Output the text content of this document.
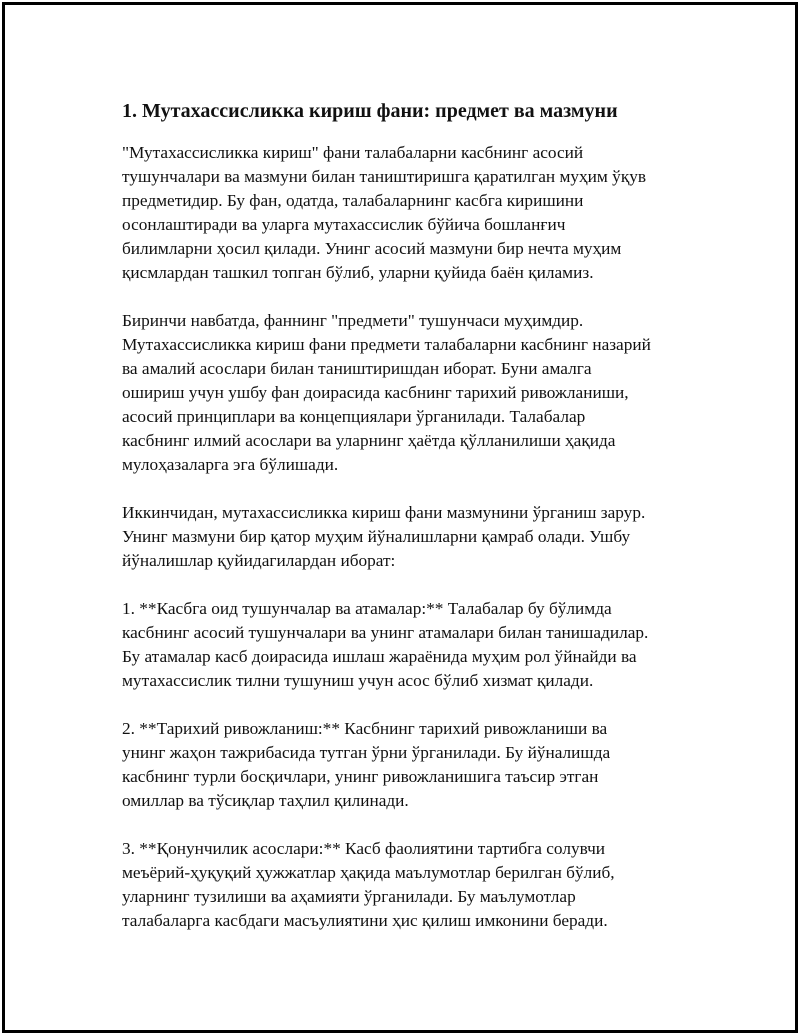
1. Мутахассисликка кириш фани: предмет ва мазмуни
"Мутахассисликка кириш" фани талабаларни касбнинг асосий
тушунчалари ва мазмуни билан таништиришга қаратилган муҳим ўқув
предметидир. Бу фан, одатда, талабаларнинг касбга киришини
осонлаштиради ва уларга мутахассислик бўйича бошланғич
билимларни ҳосил қилади. Унинг асосий мазмуни бир нечта муҳим
қисмлардан ташкил топган бўлиб, уларни қуйида баён қиламиз.
Биринчи навбатда, фаннинг "предмети" тушунчаси муҳимдир.
Мутахассисликка кириш фани предмети талабаларни касбнинг назарий
ва амалий асослари билан таништиришдан иборат. Буни амалга
ошириш учун ушбу фан доирасида касбнинг тарихий ривожланиши,
асосий принциплари ва концепциялари ўрганилади. Талабалар
касбнинг илмий асослари ва уларнинг ҳаётда қўлланилиши ҳақида
мулоҳазаларга эга бўлишади.
Иккинчидан, мутахассисликка кириш фани мазмунини ўрганиш зарур.
Унинг мазмуни бир қатор муҳим йўналишларни қамраб олади. Ушбу
йўналишлар қуйидагилардан иборат:
1. **Касбга оид тушунчалар ва атамалар:** Талабалар бу бўлимда
касбнинг асосий тушунчалари ва унинг атамалари билан танишадилар.
Бу атамалар касб доирасида ишлаш жараёнида муҳим рол ўйнайди ва
мутахассислик тилни тушуниш учун асос бўлиб хизмат қилади.
2. **Тарихий ривожланиш:** Касбнинг тарихий ривожланиши ва
унинг жаҳон тажрибасида тутган ўрни ўрганилади. Бу йўналишда
касбнинг турли босқичлари, унинг ривожланишига таъсир этган
омиллар ва тўсиқлар таҳлил қилинади.
3. **Қонунчилик асослари:** Касб фаолиятини тартибга солувчи
меъёрий-ҳуқуқий ҳужжатлар ҳақида маълумотлар берилган бўлиб,
уларнинг тузилиши ва аҳамияти ўрганилади. Бу маълумотлар
талабаларга касбдаги масъулиятини ҳис қилиш имконини беради.
